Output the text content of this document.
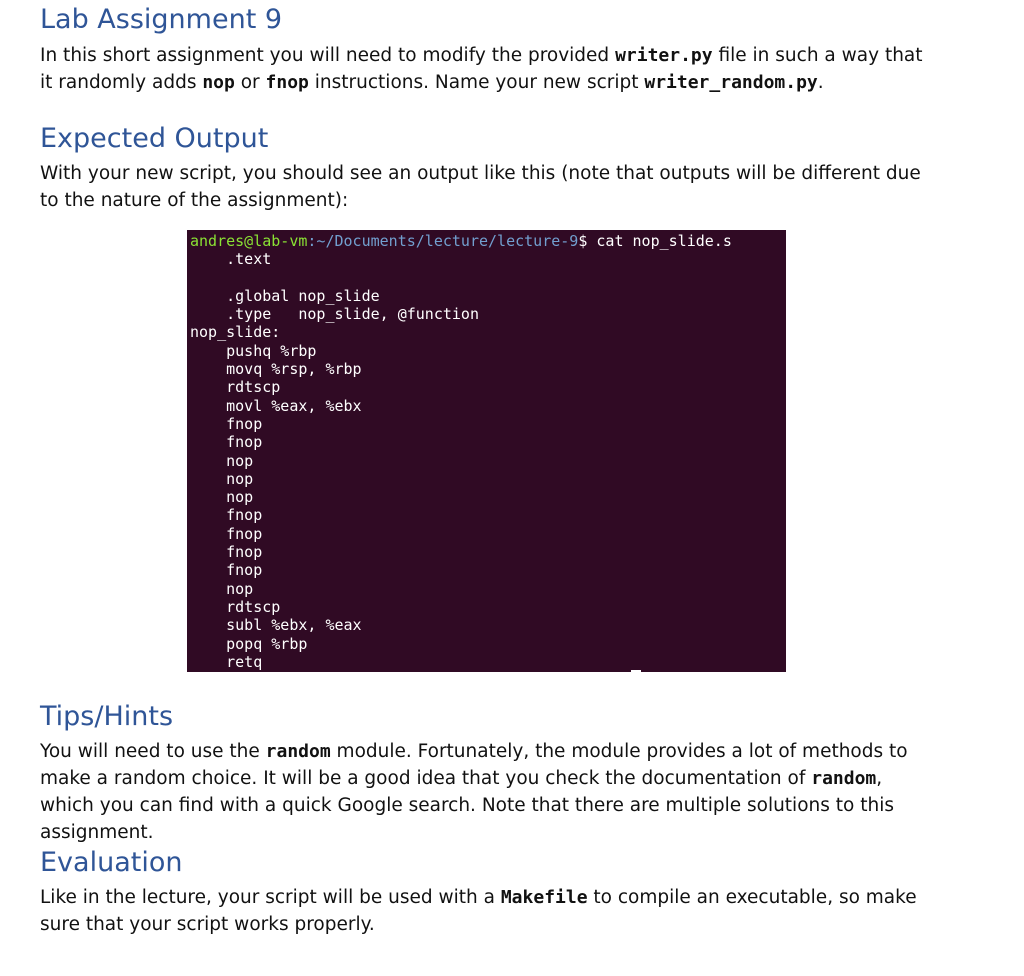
Lab Assignment 9

In this short assignment you will need to modify the provided writer.py file in such a way that it randomly adds nop or fnop instructions. Name your new script writer_random.py.

Expected Output

With your new script, you should see an output like this (note that outputs will be different due to the nature of the assignment):

Tips/Hints

You will need to use the random module. Fortunately, the module provides a lot of methods to make a random choice. It will be a good idea that you check the documentation of random, which you can find with a quick Google search. Note that there are multiple solutions to this assignment.

Evaluation

Like in the lecture, your script will be used with a Makefile to compile an executable, so make sure that your script works properly.

andres@lab-vm:~/Documents/lecture/lecture-9$ cat nop_slide.s
.text

.global nop_slide
.type   nop_slide, @function
nop_slide:
pushq %rbp
movq %rsp, %rbp
rdtscp
movl %eax, %ebx
fnop
fnop
nop
nop
nop
fnop
fnop
fnop
fnop
nop
rdtscp
subl %ebx, %eax
popq %rbp
retq
